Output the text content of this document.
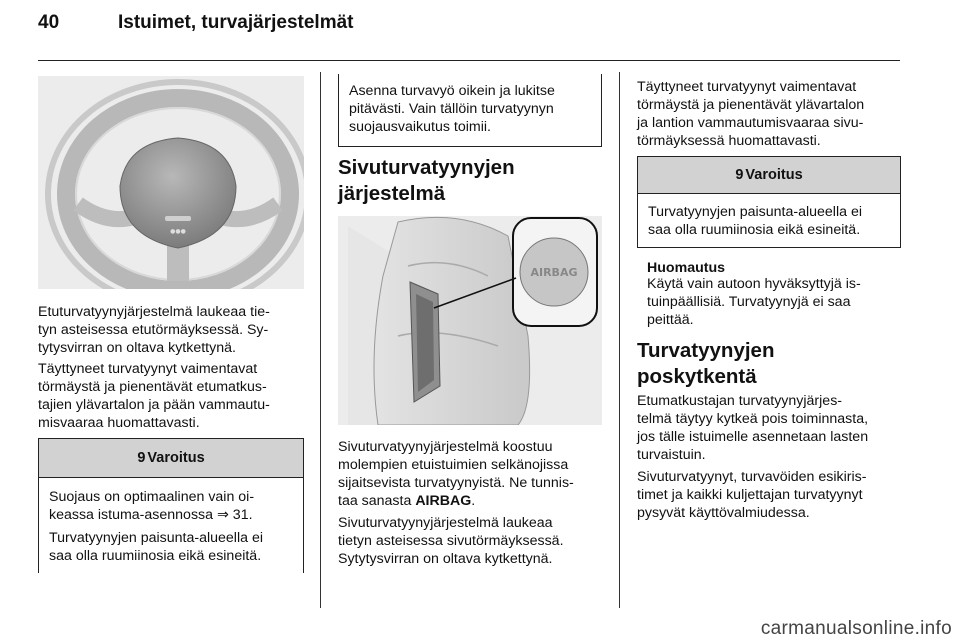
40	Istuimet, turvajärjestelmät
●●●

Etuturvatyynyjärjestelmä laukeaa tie-
tyn asteisessa etutörmäyksessä. Sy-
tytysvirran on oltava kytkettynä.

Täyttyneet turvatyynyt vaimentavat
törmäystä ja pienentävät etumatkus-
tajien ylävartalon ja pään vammautu-
misvaaraa huomattavasti.

9 Varoitus

Suojaus on optimaalinen vain oi-
keassa istuma-asennossa ⇒ 31.

Turvatyynyjen paisunta-alueella ei
saa olla ruumiinosia eikä esineitä.

Asenna turvavyö oikein ja lukitse
pitävästi. Vain tällöin turvatyynyn
suojausvaikutus toimii.

Sivuturvatyynyjen
järjestelmä
AIRBAG

Sivuturvatyynyjärjestelmä koostuu
molempien etuistuimien selkänojissa
sijaitsevista turvatyynyistä. Ne tunnis-
taa sanasta AIRBAG.

Sivuturvatyynyjärjestelmä laukeaa
tietyn asteisessa sivutörmäyksessä.
Sytytysvirran on oltava kytkettynä.

Täyttyneet turvatyynyt vaimentavat
törmäystä ja pienentävät ylävartalon
ja lantion vammautumisvaaraa sivu-
törmäyksessä huomattavasti.

9 Varoitus

Turvatyynyjen paisunta-alueella ei
saa olla ruumiinosia eikä esineitä.

Huomautus

Käytä vain autoon hyväksyttyjä is-
tuinpäällisiä. Turvatyynyjä ei saa
peittää.

Turvatyynyjen
poskytkentä

Etumatkustajan turvatyynyjärjes-
telmä täytyy kytkeä pois toiminnasta,
jos tälle istuimelle asennetaan lasten
turvaistuin.

Sivuturvatyynyt, turvavöiden esikiris-
timet ja kaikki kuljettajan turvatyynyt
pysyvät käyttövalmiudessa.

carmanualsonline.info
